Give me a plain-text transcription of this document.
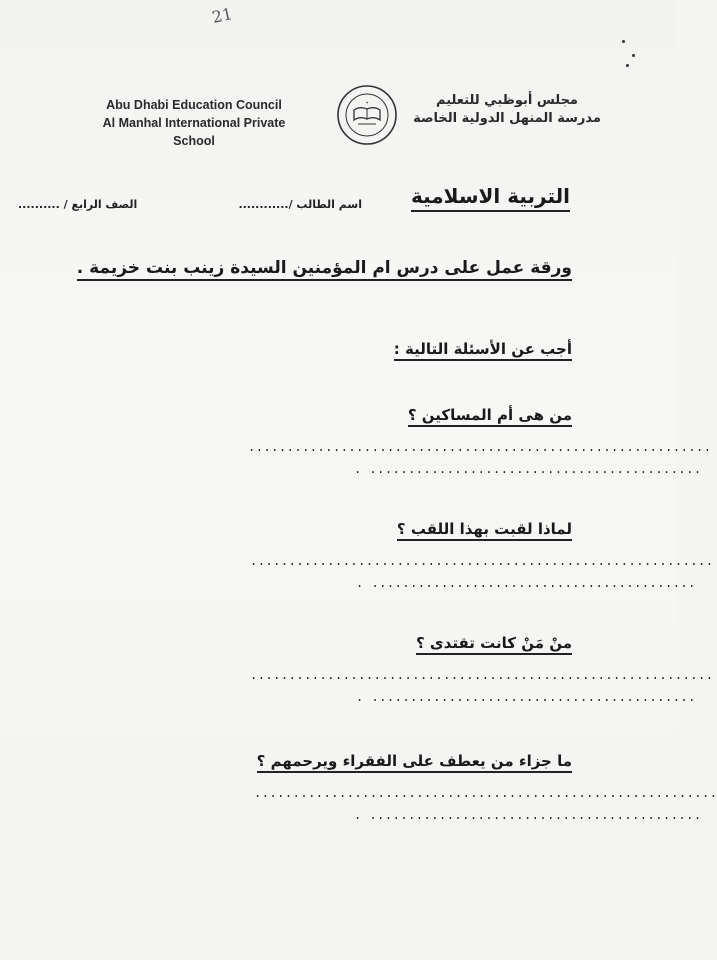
21
Abu Dhabi Education Council
Al Manhal International Private School
✦	مجلس أبوظبي للتعليم
مدرسة المنهل الدولية الخاصة
التربية الاسلامية
اسم الطالب /............
الصف الرابع / ..........
ورقة عمل على درس ام المؤمنين السيدة زينب بنت خزيمة .
أجب عن الأسئلة التالية :
من هى أم المساكين ؟
............................................................
. ...........................................
لماذا لقبت بهذا اللقب ؟
............................................................
. ..........................................
منْ مَنْ كانت تقتدى ؟
............................................................
. ..........................................
ما جزاء من يعطف على الفقراء ويرحمهم ؟
............................................................
. ...........................................
